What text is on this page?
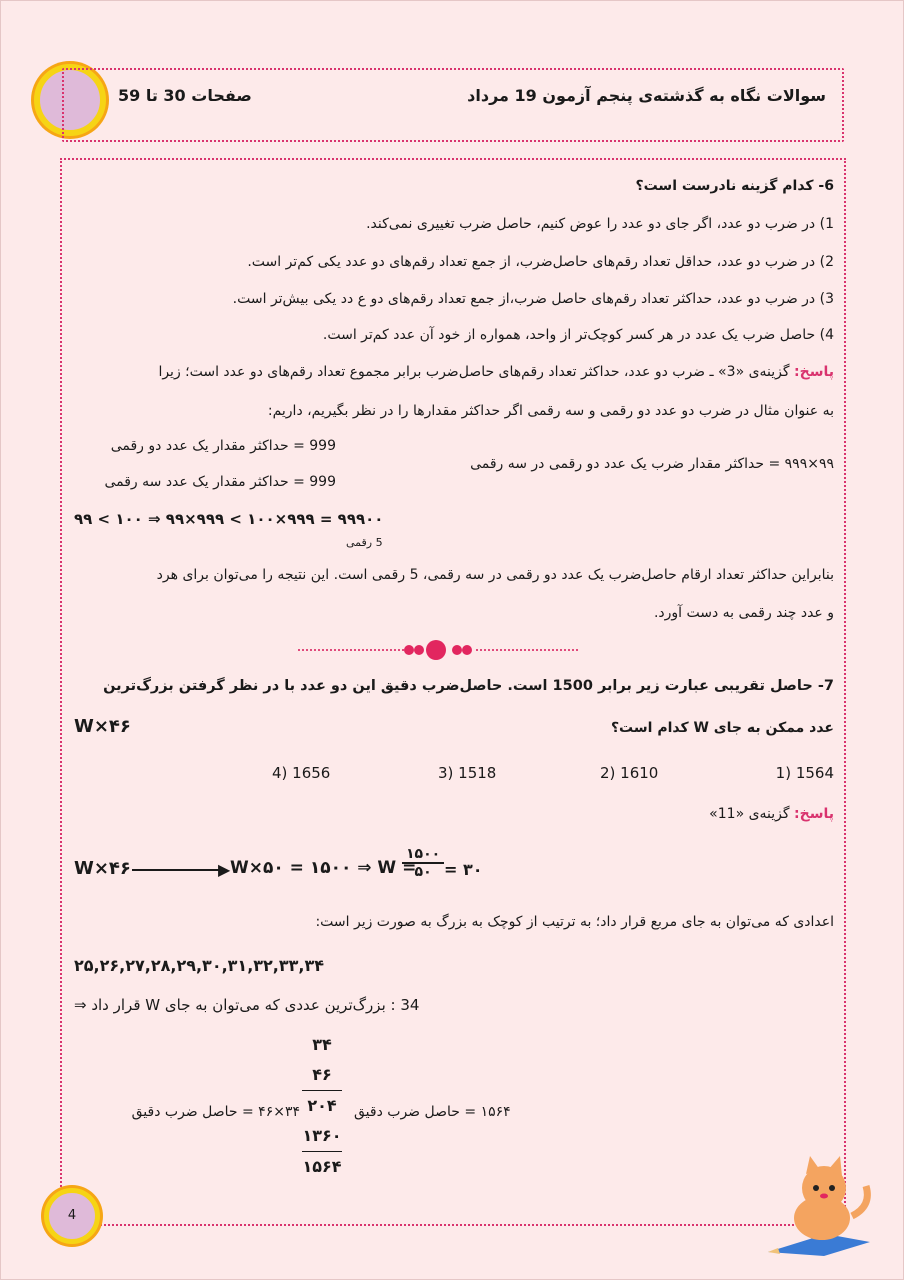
سوالات نگاه به گذشته‌ی پنجم آزمون 19 مرداد
صفحات 30 تا 59
6- کدام گزینه نادرست است؟
1) در ضرب دو عدد، اگر جای دو عدد را عوض کنیم، حاصل ضرب تغییری نمی‌کند.
2) در ضرب دو عدد، حداقل تعداد رقم‌های حاصل‌ضرب، از جمع تعداد رقم‌های دو عدد یکی کم‌تر است.
3) در ضرب دو عدد، حداکثر تعداد رقم‌های حاصل ضرب،از جمع تعداد رقم‌های دو ع دد یکی بیش‌تر است.
4) حاصل ضرب یک عدد در هر کسر کوچک‌تر از واحد، همواره از خود آن عدد کم‌تر است.
پاسخ: گزینه‌ی «3» ـ ضرب دو عدد، حداکثر تعداد رقم‌های حاصل‌ضرب برابر مجموع تعداد رقم‌های دو عدد است؛ زیرا
به عنوان مثال در ضرب دو عدد دو رقمی و سه رقمی اگر حداکثر مقدارها را در نظر بگیریم، داریم:
999 = حداکثر مقدار یک عدد دو رقمی
999 = حداکثر مقدار یک عدد سه رقمی
۹۹×۹۹۹ = حداکثر مقدار ضرب یک عدد دو رقمی در سه رقمی
۹۹ < ۱۰۰ ⇒ ۹۹×۹۹۹ < ۱۰۰×۹۹۹ = ۹۹۹۰۰
5 رقمی
بنابراین حداکثر تعداد ارقام حاصل‌ضرب یک عدد دو رقمی در سه رقمی، 5 رقمی است. این نتیجه را می‌توان برای هرد
و عدد چند رقمی به دست آورد.
7- حاصل تقریبی عبارت زیر برابر 1500 است. حاصل‌ضرب دقیق این دو عدد با در نظر گرفتن بزرگ‌ترین
عدد ممکن به جای W کدام است؟
W×۴۶
1564 (1
1610 (2
1518 (3
1656 (4
پاسخ: گزینه‌ی «11»
W×۴۶	▶ W×۵۰ = ۱۵۰۰ ⇒ W =
۱۵۰۰
۵۰ = ۳۰
اعدادی که می‌توان به جای مربع قرار داد؛ به ترتیب از کوچک به بزرگ به صورت زیر است:
۲۵,۲۶,۲۷,۲۸,۲۹,۳۰,۳۱,۳۲,۳۳,۳۴
34 : بزرگ‌ترین عددی که می‌توان به جای W قرار داد ⇒
۳۴
۴۶
۲۰۴
۱۳۶۰
۱۵۶۴
۱۵۶۴ = حاصل ضرب دقیق
۳۴×۴۶ = حاصل ضرب دقیق
4
